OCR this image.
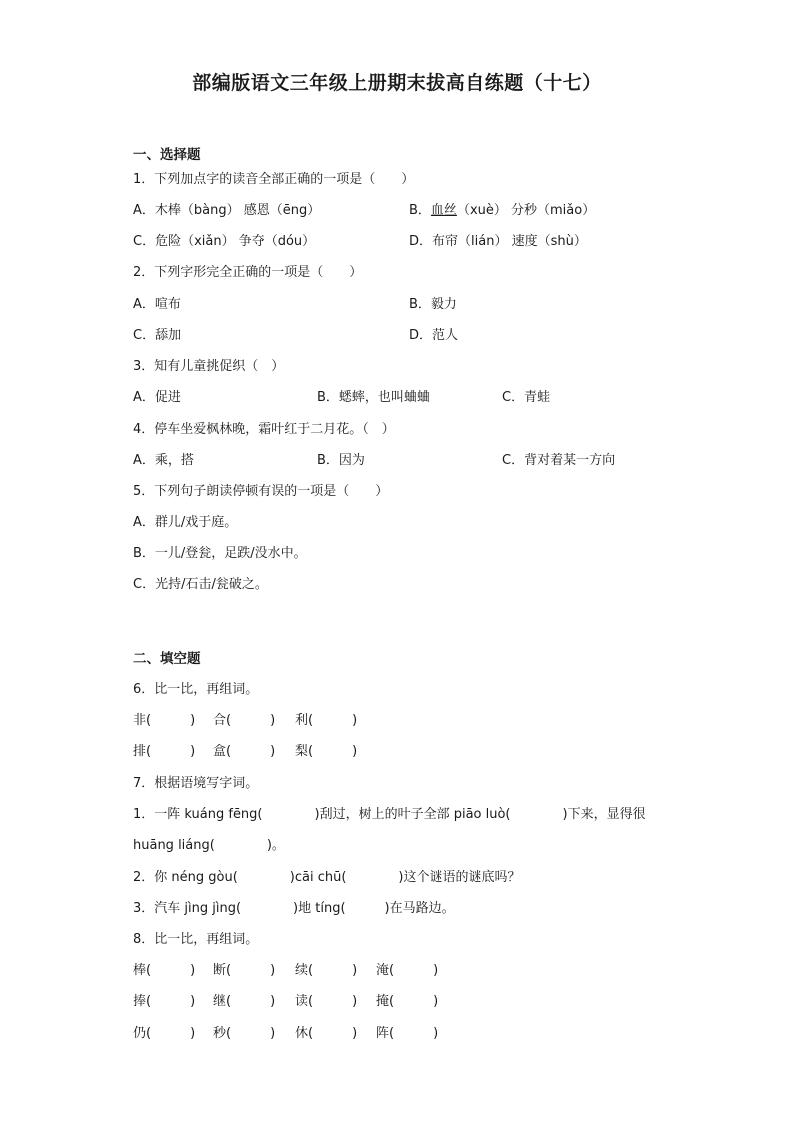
部编版语文三年级上册期末拔高自练题（十七）
一、选择题
1．下列加点字的读音全部正确的一项是（　　）
A．木棒（bàng） 感恩（ēng）	B．血丝（xuè） 分秒（miǎo）
C．危险（xiǎn） 争夺（dóu）	D．布帘（lián） 速度（shù）
2．下列字形完全正确的一项是（　　）
A．喧布	B．毅力
C．舔加	D．范人
3．知有儿童挑促织（　）
A．促进	B．蟋蟀，也叫蛐蛐	C．青蛙
4．停车坐爱枫林晚，霜叶红于二月花。（　）
A．乘，搭	B．因为	C．背对着某一方向
5．下列句子朗读停顿有误的一项是（　　）
A．群儿/戏于庭。
B．一儿/登瓮，足跌/没水中。
C．光持/石击/瓮破之。
二、填空题
6．比一比，再组词。
非(　　　) 合(　　　) 利(　　　)
排(　　　) 盒(　　　) 梨(　　　)
7．根据语境写字词。
1．一阵 kuáng fēng(　　　　)刮过，树上的叶子全部 piāo luò(　　　　)下来，显得很
huāng liáng(　　　　)。
2．你 néng gòu(　　　　)cāi chū(　　　　)这个谜语的谜底吗？
3．汽车 jìng jìng(　　　　)地 tíng(　　　)在马路边。
8．比一比，再组词。
棒(　　　) 断(　　　) 续(　　　) 淹(　　　)
捧(　　　) 继(　　　) 读(　　　) 掩(　　　)
仍(　　　) 秒(　　　) 休(　　　) 阵(　　　)
